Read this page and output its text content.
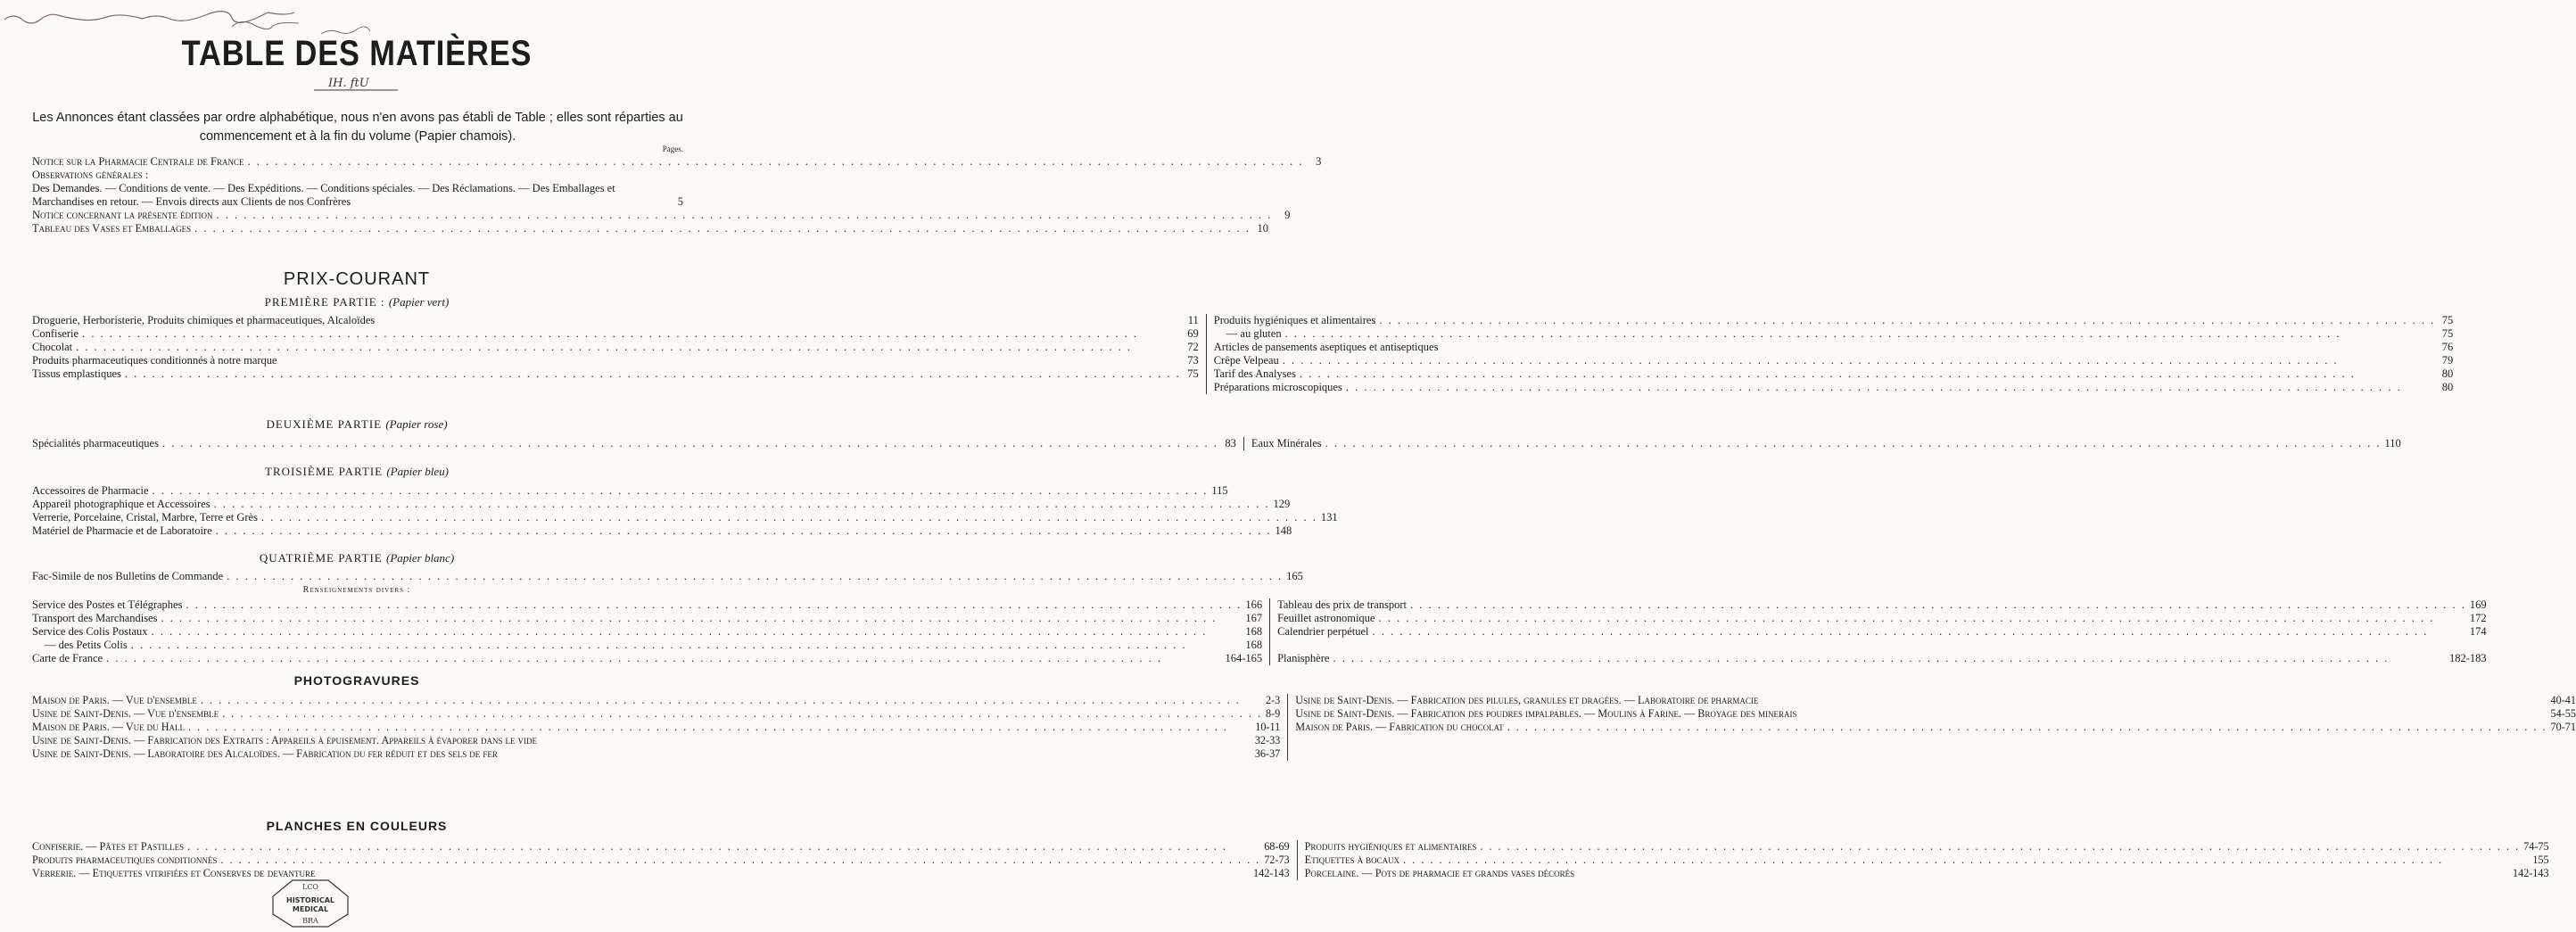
TABLE DES MATIÈRES
IH. ftU
Les Annonces étant classées par ordre alphabétique, nous n'en avons pas établi de Table ; elles sont réparties au commencement et à la fin du volume (Papier chamois).
Pages.
Notice sur la Pharmacie Centrale de France . . .	3
Observations générales :
Des Demandes. — Conditions de vente. — Des Expéditions. — Conditions spéciales. — Des Réclamations. — Des Emballages et Marchandises en retour. — Envois directs aux Clients de nos Confrères	5
Notice concernant la présente édition . . .	9
Tableau des Vases et Emballages . . .	10
PRIX-COURANT
PREMIÈRE PARTIE : (Papier vert)
Droguerie, Herboristerie, Produits chimiques et pharmaceutiques, Alcaloïdes	11
Confiserie . . .	69
Chocolat . . .	72
Produits pharmaceutiques conditionnés à notre marque	73
Tissus emplastiques . . .	75
Produits hygiéniques et alimentaires . . .	75
— au gluten . . .	75
Articles de pansements aseptiques et antiseptiques	76
Crêpe Velpeau . . .	79
Tarif des Analyses . . .	80
Préparations microscopiques . . .	80
DEUXIÈME PARTIE (Papier rose)
Spécialités pharmaceutiques . . .	83 Eaux Minérales . . .	110
TROISIÈME PARTIE (Papier bleu)
Accessoires de Pharmacie . . .	115
Appareil photographique et Accessoires . . .	129
Verrerie, Porcelaine, Cristal, Marbre, Terre et Grès . . .	131
Matériel de Pharmacie et de Laboratoire . . .	148
QUATRIÈME PARTIE (Papier blanc)
Fac-Simile de nos Bulletins de Commande . . .	165
Renseignements divers :
Service des Postes et Télégraphes . . .	166
Transport des Marchandises . . .	167
Service des Colis Postaux . . .	168
— des Petits Colis . . .	168
Carte de France . . .	164-165
Tableau des prix de transport . . .	169
Feuillet astronomique . . .	172
Calendrier perpétuel . . .	174
Planisphère . . .	182-183
PHOTOGRAVURES
Maison de Paris. — Vue d'ensemble . . .	2-3
Usine de Saint-Denis. — Vue d'ensemble . . .	8-9
Maison de Paris. — Vue du Hall . . .	10-11
Usine de Saint-Denis. — Fabrication des Extraits : Appareils à épuisement. Appareils à évaporer dans le vide	32-33
Usine de Saint-Denis. — Laboratoire des Alcaloïdes. — Fabrication du fer réduit et des sels de fer	36-37
Usine de Saint-Denis. — Fabrication des pilules, granules et dragées. — Laboratoire de pharmacie	40-41
Usine de Saint-Denis. — Fabrication des poudres impalpables. — Moulins à Farine. — Broyage des minerais	54-55
Maison de Paris. — Fabrication du chocolat . . .	70-71
PLANCHES EN COULEURS
Confiserie. — Pâtes et Pastilles . . .	68-69
Produits pharmaceutiques conditionnés . . .	72-73
Verrerie. — Etiquettes vitrifiées et Conserves de devanture	142-143
Produits hygiéniques et alimentaires . . .	74-75
Etiquettes à bocaux . . .	155
Porcelaine. — Pots de pharmacie et grands vases décorés	142-143
LCO
HISTORICAL
MEDICAL
BRA
